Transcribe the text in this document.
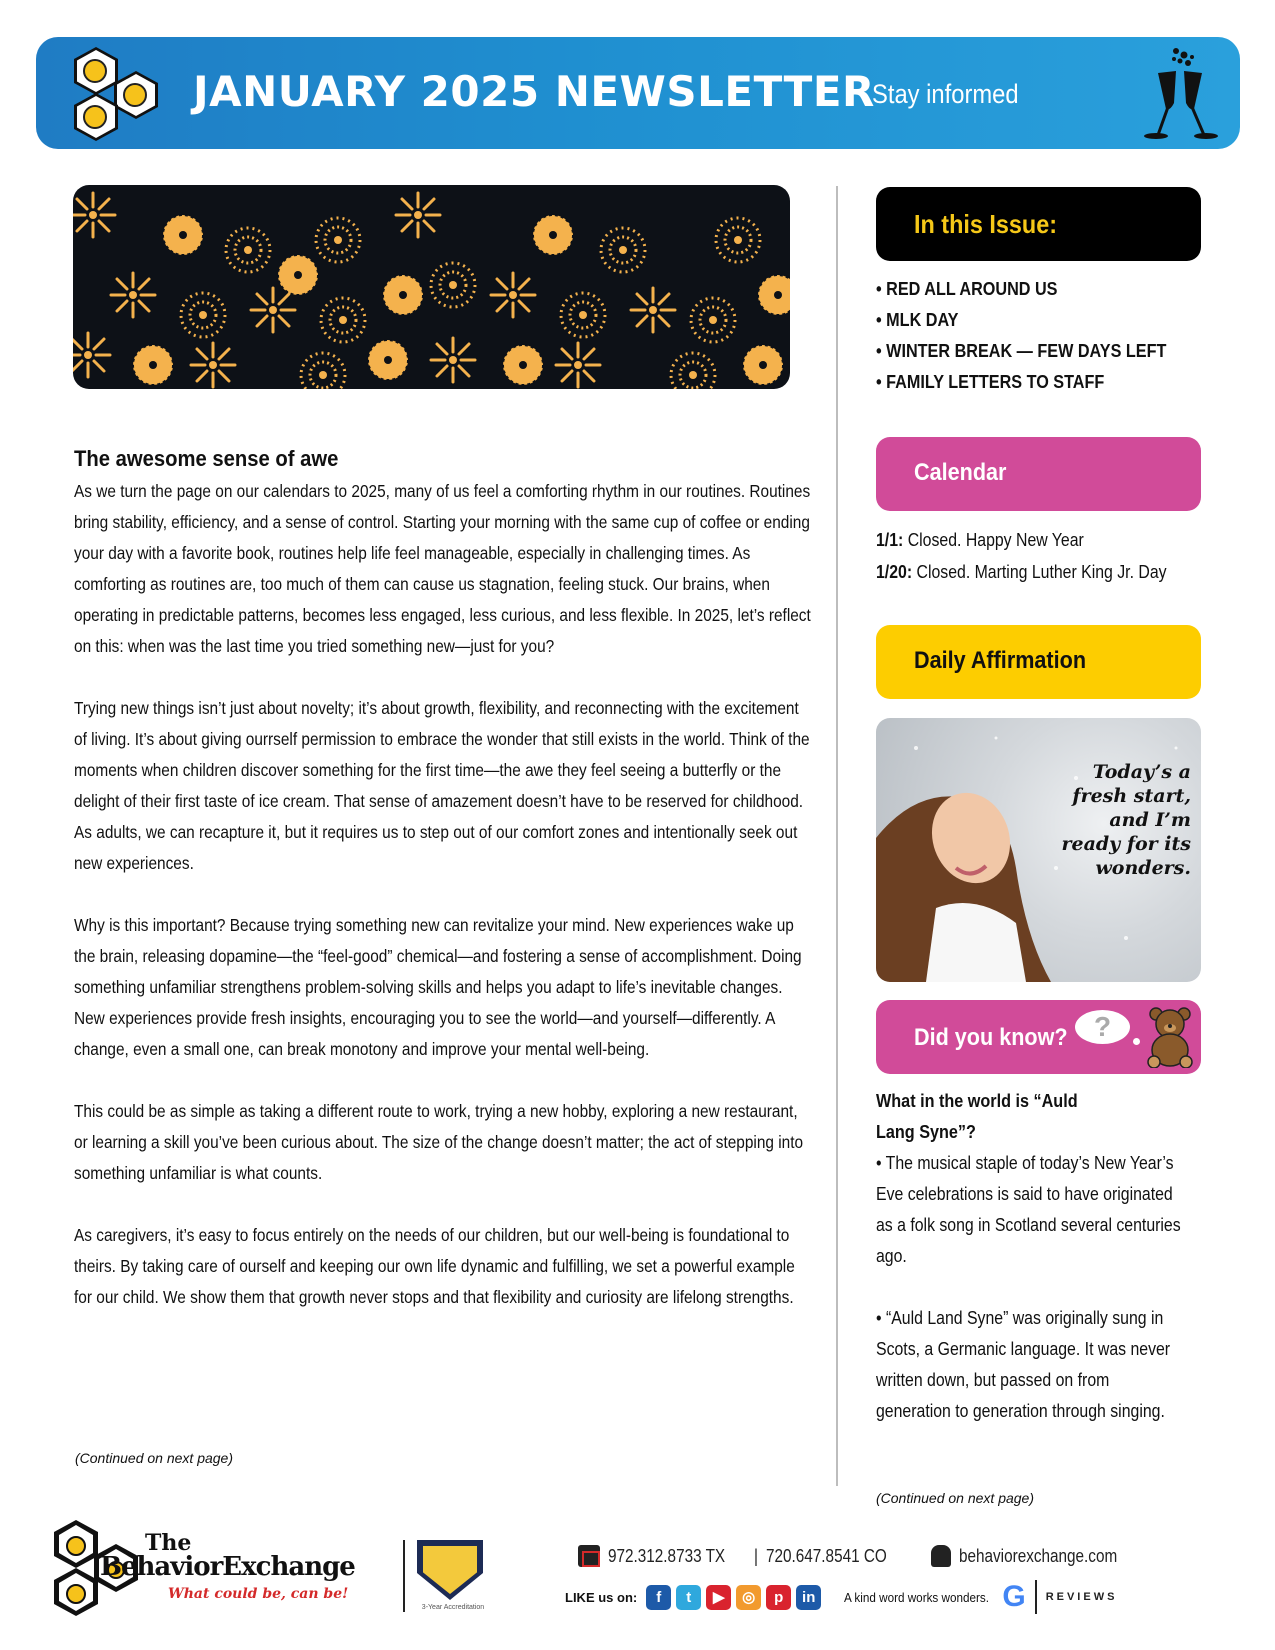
JANUARY 2025 NEWSLETTER
Stay informed
The awesome sense of awe

As we turn the page on our calendars to 2025, many of us feel a comforting rhythm in our routines. Routines bring stability, efficiency, and a sense of control. Starting your morning with the same cup of coffee or ending your day with a favorite book, routines help life feel manageable, especially in challenging times. As comforting as routines are, too much of them can cause us stagnation, feeling stuck. Our brains, when operating in predictable patterns, becomes less engaged, less curious, and less flexible. In 2025, let’s reflect on this: when was the last time you tried something new—just for you?

Trying new things isn’t just about novelty; it’s about growth, flexibility, and reconnecting with the excitement of living. It’s about giving ourrself permission to embrace the wonder that still exists in the world. Think of the moments when children discover something for the first time—the awe they feel seeing a butterfly or the delight of their first taste of ice cream. That sense of amazement doesn’t have to be reserved for childhood. As adults, we can recapture it, but it requires us to step out of our comfort zones and intentionally seek out new experiences.

Why is this important? Because trying something new can revitalize your mind. New experiences wake up the brain, releasing dopamine—the “feel-good” chemical—and fostering a sense of accomplishment. Doing something unfamiliar strengthens problem-solving skills and helps you adapt to life’s inevitable changes. New experiences provide fresh insights, encouraging you to see the world—and yourself—differently. A change, even a small one, can break monotony and improve your mental well-being.

This could be as simple as taking a different route to work, trying a new hobby, exploring a new restaurant, or learning a skill you’ve been curious about. The size of the change doesn’t matter; the act of stepping into something unfamiliar is what counts.

As caregivers, it’s easy to focus entirely on the needs of our children, but our well-being is foundational to theirs. By taking care of ourself and keeping our own life dynamic and fulfilling, we set a powerful example for our child. We show them that growth never stops and that flexibility and curiosity are lifelong strengths.

(Continued on next page)
In this Issue:
• RED ALL AROUND US
• MLK DAY
• WINTER BREAK — FEW DAYS LEFT
• FAMILY LETTERS TO STAFF
Calendar
1/1: Closed. Happy New Year
1/20: Closed. Marting Luther King Jr. Day
Daily Affirmation
Today’s a
fresh start,
and I’m
ready for its
wonders.
Did you know? ?
What in the world is “Auld Lang Syne”?

• The musical staple of today’s New Year’s Eve celebrations is said to have originated as a folk song in Scotland several centuries ago.

• “Auld Land Syne” was originally sung in Scots, a Germanic language. It was never written down, but passed on from generation to generation through singing.

(Continued on next page)
The
BehaviorExchange
What could be, can be!
3-Year Accreditation
972.312.8733 TX | 720.647.8541 CO	behaviorexchange.com
LIKE us on:	f	t	▶	◎	p	in	A kind word works wonders. G REVIEWS
